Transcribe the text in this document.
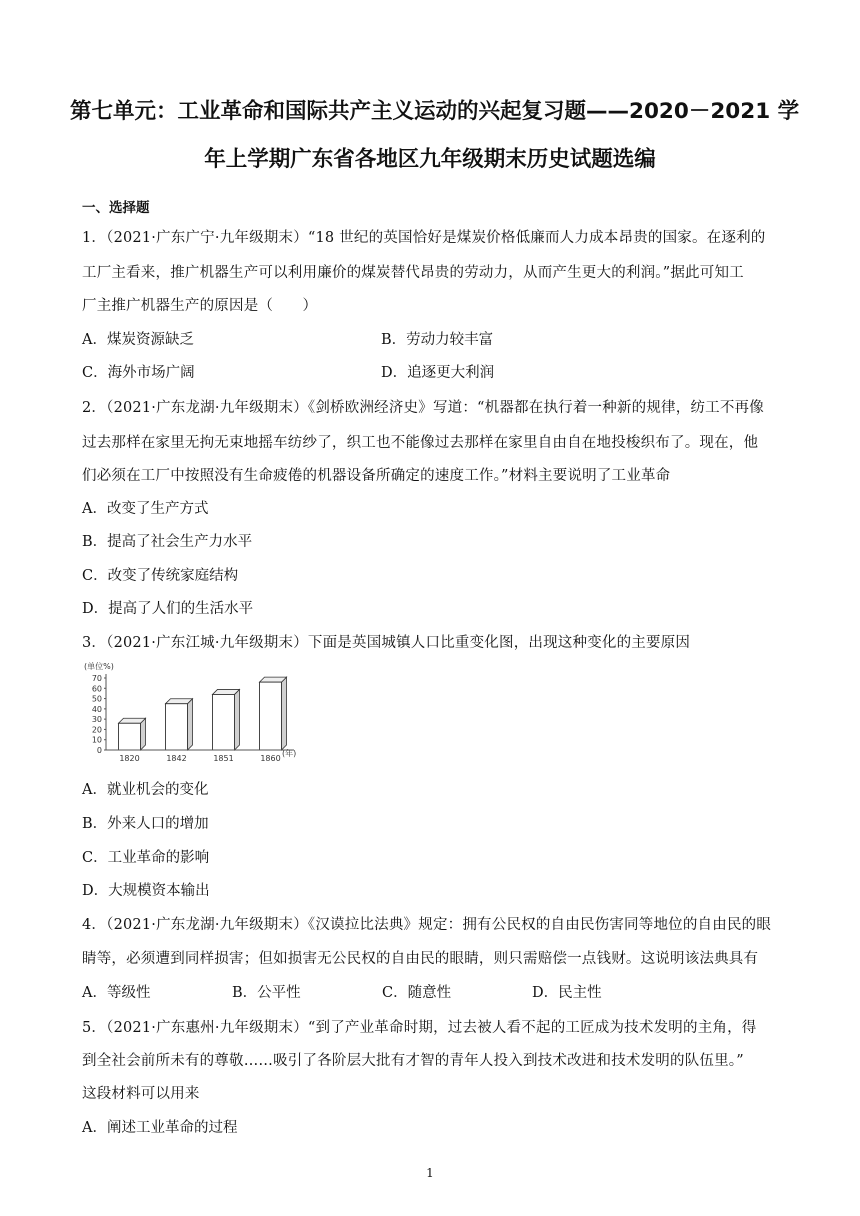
第七单元：工业革命和国际共产主义运动的兴起复习题——2020－2021 学
年上学期广东省各地区九年级期末历史试题选编
一、选择题
1．（2021·广东广宁·九年级期末）“18 世纪的英国恰好是煤炭价格低廉而人力成本昂贵的国家。在逐利的
工厂主看来，推广机器生产可以利用廉价的煤炭替代昂贵的劳动力，从而产生更大的利润。”据此可知工
厂主推广机器生产的原因是（　　）
A．煤炭资源缺乏	B．劳动力较丰富
C．海外市场广阔	D．追逐更大利润
2．（2021·广东龙湖·九年级期末）《剑桥欧洲经济史》写道：“机器都在执行着一种新的规律，纺工不再像
过去那样在家里无拘无束地摇车纺纱了，织工也不能像过去那样在家里自由自在地投梭织布了。现在，他
们必须在工厂中按照没有生命疲倦的机器设备所确定的速度工作。”材料主要说明了工业革命
A．改变了生产方式
B．提高了社会生产力水平
C．改变了传统家庭结构
D．提高了人们的生活水平
3．（2021·广东江城·九年级期末）下面是英国城镇人口比重变化图，出现这种变化的主要原因
(单位%)
0
10
20
30
40
50
60
70
1820	1842	1851	1860
(年)
A．就业机会的变化
B．外来人口的增加
C．工业革命的影响
D．大规模资本输出
4．（2021·广东龙湖·九年级期末）《汉谟拉比法典》规定：拥有公民权的自由民伤害同等地位的自由民的眼
睛等，必须遭到同样损害；但如损害无公民权的自由民的眼睛，则只需赔偿一点钱财。这说明该法典具有
A．等级性	B．公平性	C．随意性	D．民主性
5．（2021·广东惠州·九年级期末）“到了产业革命时期，过去被人看不起的工匠成为技术发明的主角，得
到全社会前所未有的尊敬……吸引了各阶层大批有才智的青年人投入到技术改进和技术发明的队伍里。”
这段材料可以用来
A．阐述工业革命的过程
1
